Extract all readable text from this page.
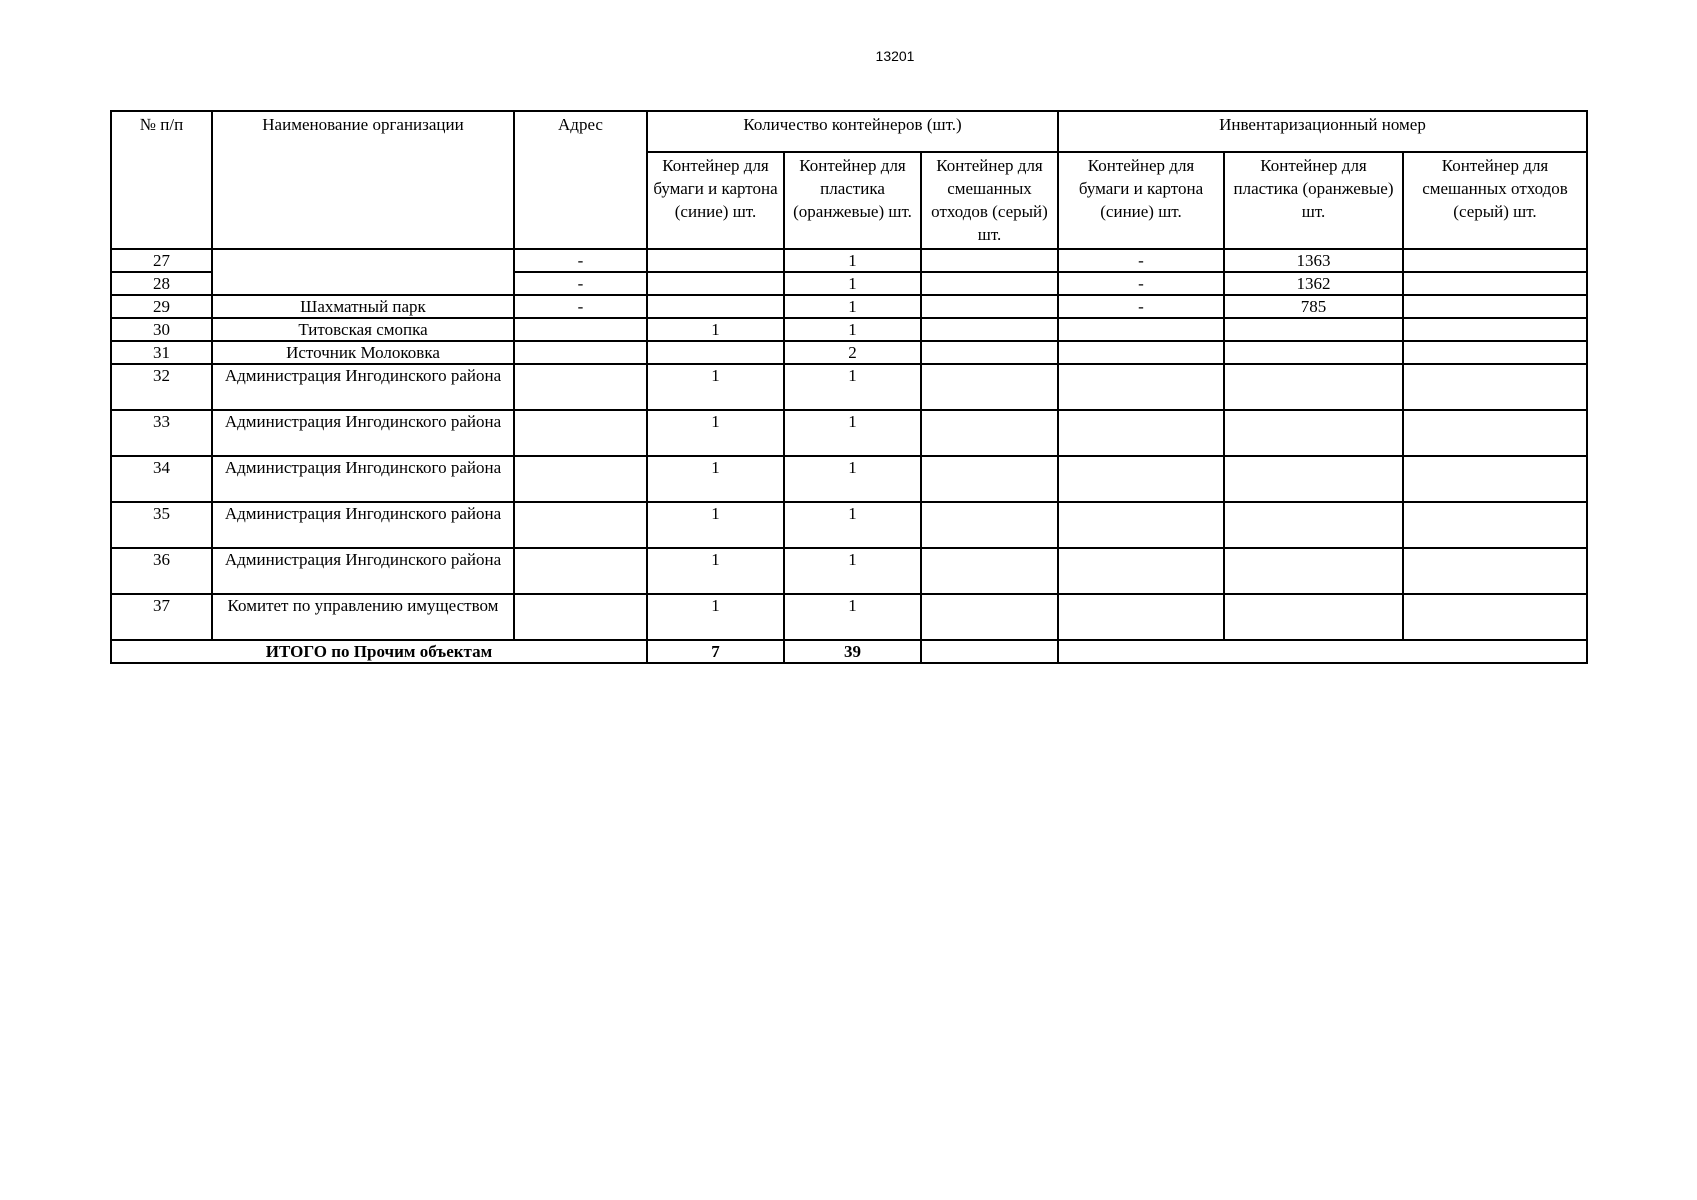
13201
№ п/п	Наименование организации	Адрес	Количество контейнеров (шт.)			Инвентаризационный номер		
			Контейнер для бумаги и картона (синие) шт.	Контейнер для пластика (оранжевые) шт.	Контейнер для смешанных отходов (серый) шт.	Контейнер для бумаги и картона (синие) шт.	Контейнер для пластика (оранжевые) шт.	Контейнер для смешанных отходов (серый) шт.
27		-		1		-	1363	
28		-		1		-	1362	
29	Шахматный парк	-		1		-	785	
30	Титовская смопка		1	1				
31	Источник Молоковка			2				
32	Администрация Ингодинского района		1	1				
33	Администрация Ингодинского района		1	1				
34	Администрация Ингодинского района		1	1				
35	Администрация Ингодинского района		1	1				
36	Администрация Ингодинского района		1	1				
37	Комитет по управлению имуществом		1	1				
ИТОГО по Прочим объектам			7	39				
